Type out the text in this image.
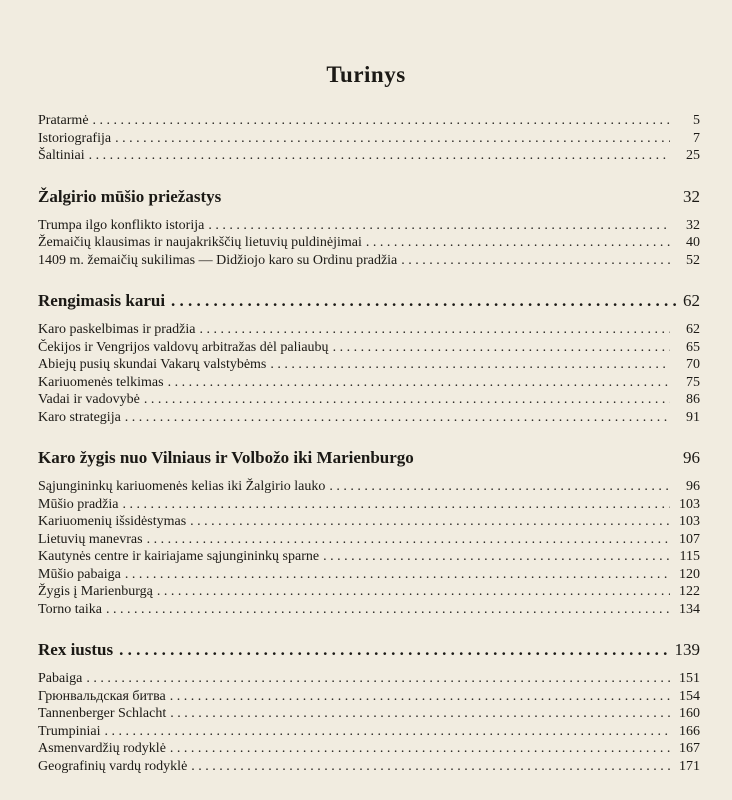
Turinys
Pratarmė . . .	5
Istoriografija . . .	7
Šaltiniai . . .	25
Žalgirio mūšio priežastys	32
Trumpa ilgo konflikto istorija . . .	32
Žemaičių klausimas ir naujakrikščių lietuvių puldinėjimai . . .	40
1409 m. žemaičių sukilimas — Didžiojo karo su Ordinu pradžia . . .	52
Rengimasis karui . . .	62
Karo paskelbimas ir pradžia . . .	62
Čekijos ir Vengrijos valdovų arbitražas dėl paliaubų . . .	65
Abiejų pusių skundai Vakarų valstybėms . . .	70
Kariuomenės telkimas . . .	75
Vadai ir vadovybė . . .	86
Karo strategija . . .	91
Karo žygis nuo Vilniaus ir Volbožo iki Marienburgo	96
Sąjungininkų kariuomenės kelias iki Žalgirio lauko . . .	96
Mūšio pradžia . . .	103
Kariuomenių išsidėstymas . . .	103
Lietuvių manevras . . .	107
Kautynės centre ir kairiajame sąjungininkų sparne . . .	115
Mūšio pabaiga . . .	120
Žygis į Marienburgą . . .	122
Torno taika . . .	134
Rex iustus . . .	139
Pabaiga . . .	151
Грюнвальдская битва . . .	154
Tannenberger Schlacht . . .	160
Trumpiniai . . .	166
Asmenvardžių rodyklė . . .	167
Geografinių vardų rodyklė . . .	171
